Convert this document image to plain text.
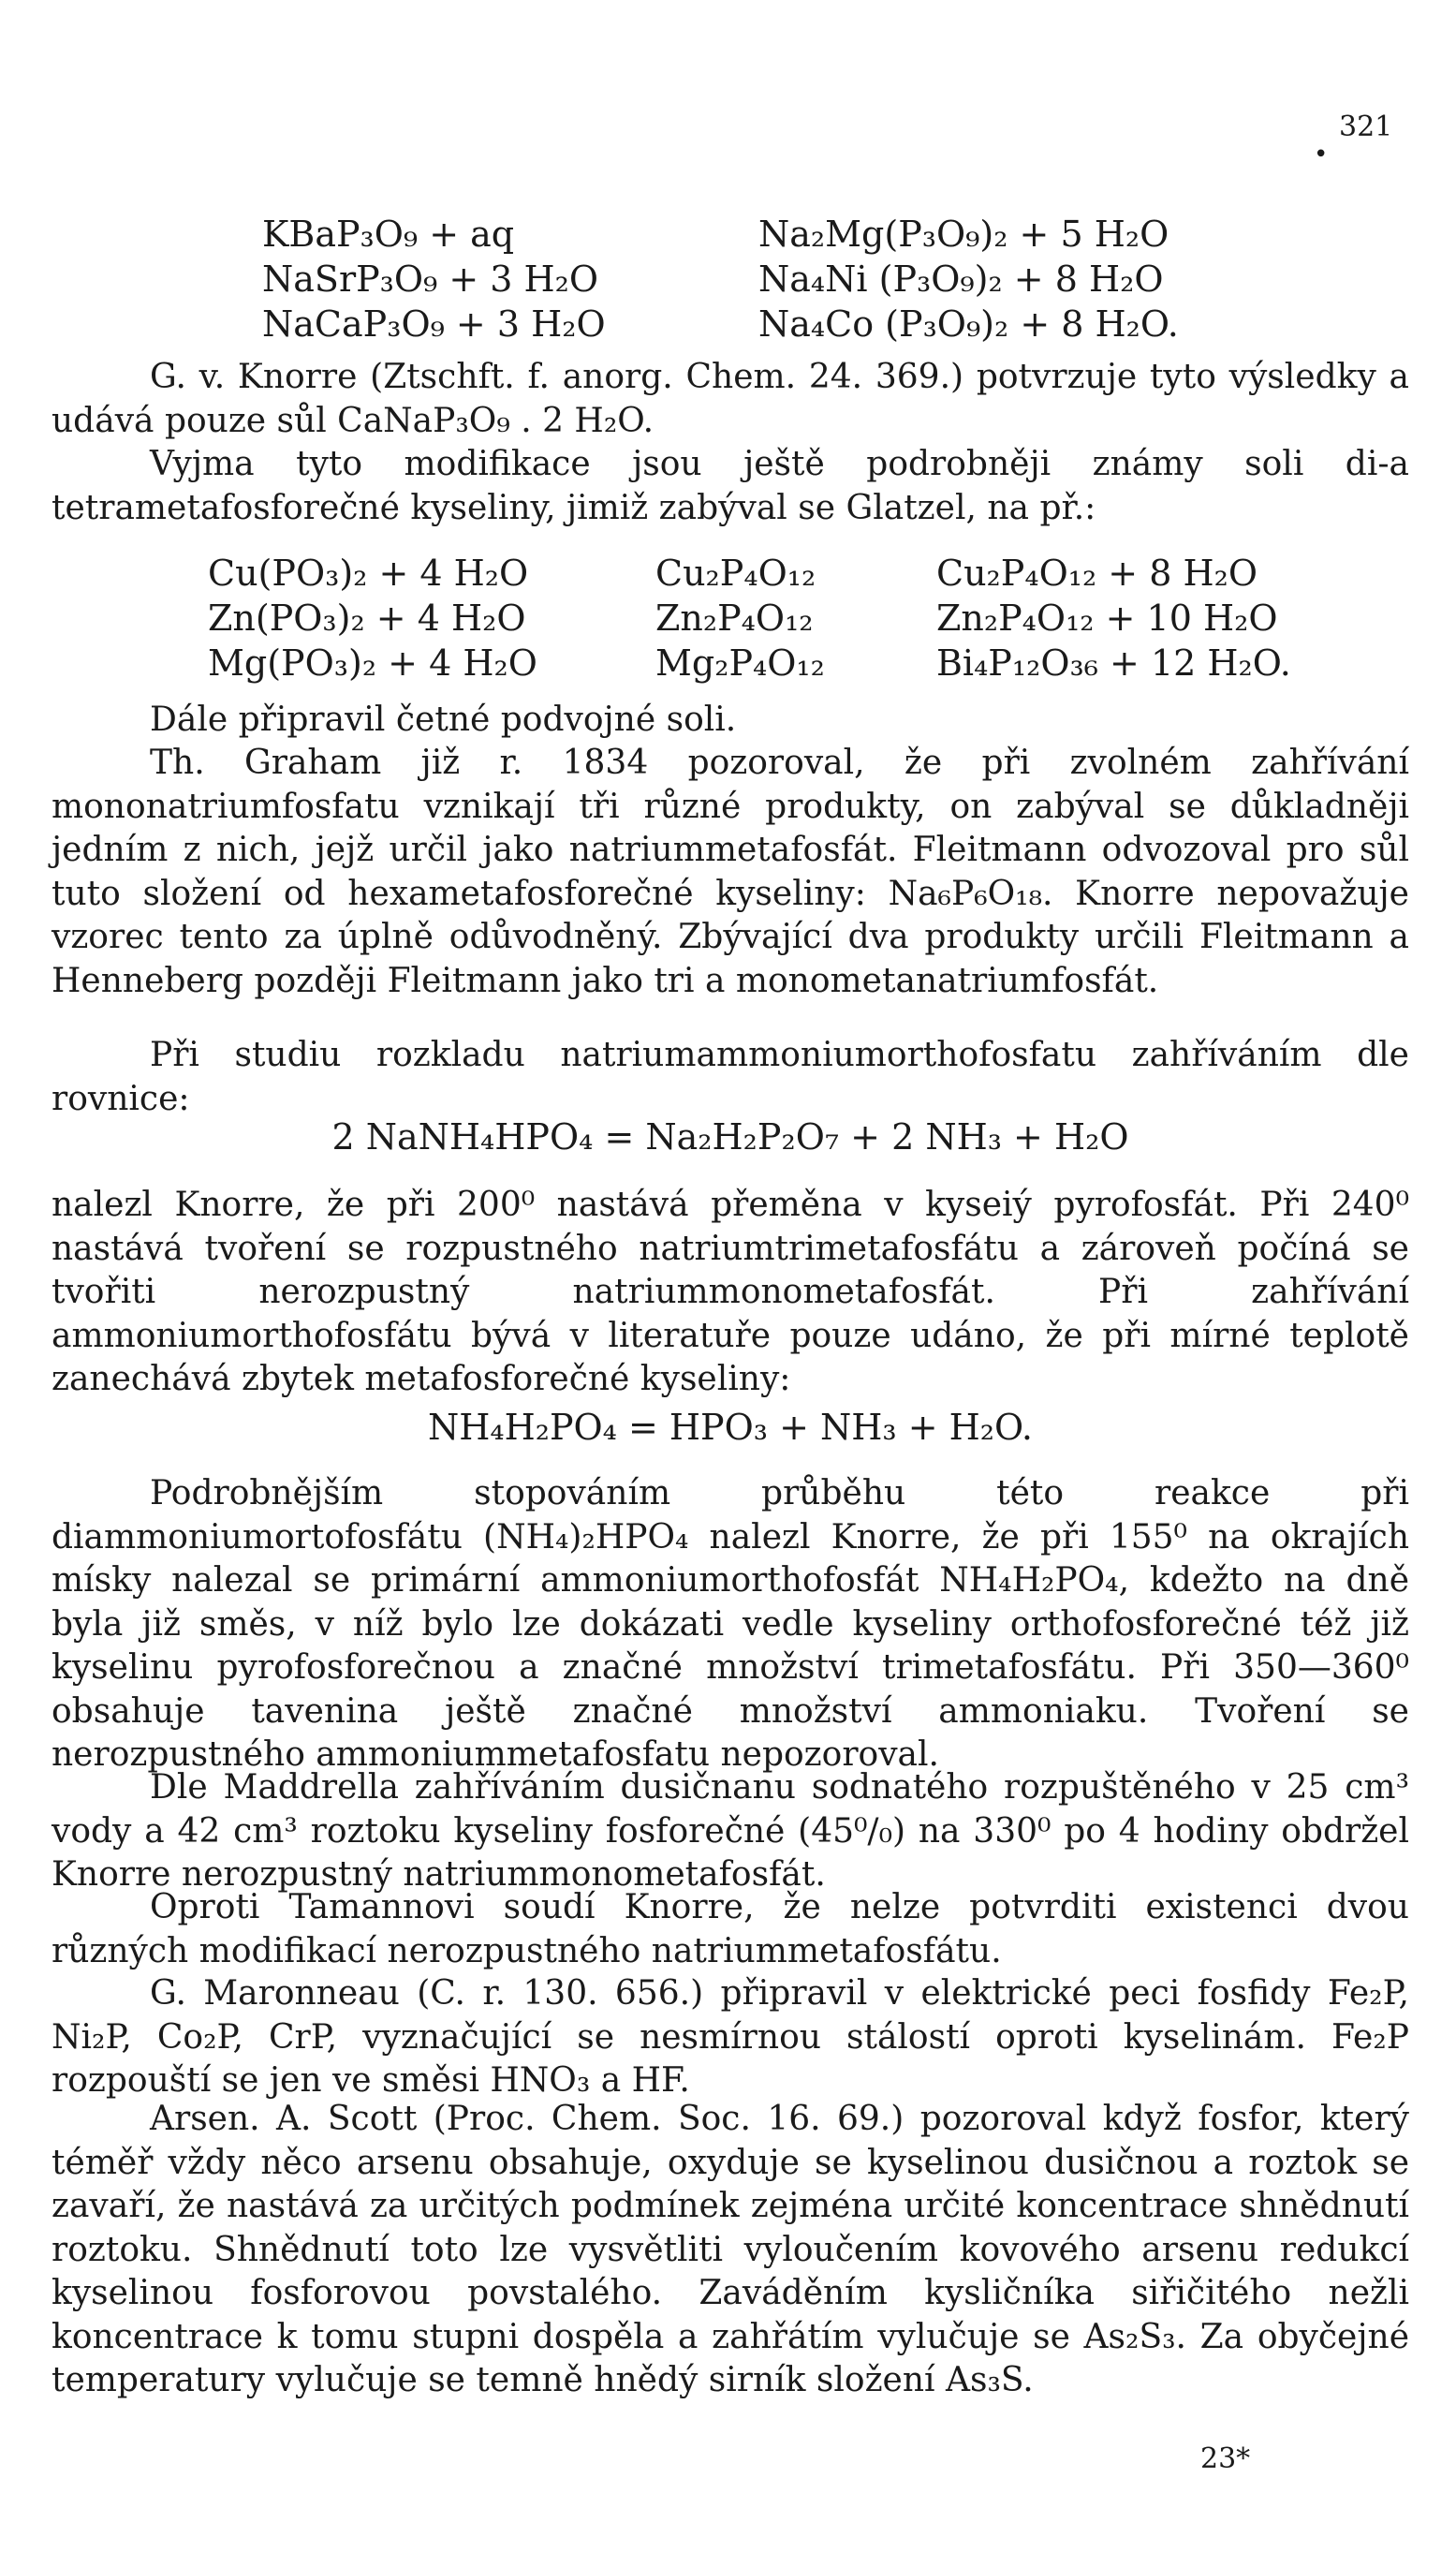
321
•
KBaP₃O₉ + aq
NaSrP₃O₉ + 3 H₂O
NaCaP₃O₉ + 3 H₂O
Na₂Mg(P₃O₉)₂ + 5 H₂O
Na₄Ni (P₃O₉)₂ + 8 H₂O
Na₄Co (P₃O₉)₂ + 8 H₂O.

G. v. Knorre (Ztschft. f. anorg. Chem. 24. 369.) potvrzuje tyto výsledky a udává pouze sůl CaNaP₃O₉ . 2 H₂O.

Vyjma tyto modifikace jsou ještě podrobněji známy soli di-a tetrametafosforečné kyseliny, jimiž zabýval se Glatzel, na př.:

Cu(PO₃)₂ + 4 H₂O
Zn(PO₃)₂ + 4 H₂O
Mg(PO₃)₂ + 4 H₂O
Cu₂P₄O₁₂
Zn₂P₄O₁₂
Mg₂P₄O₁₂
Cu₂P₄O₁₂ + 8 H₂O
Zn₂P₄O₁₂ + 10 H₂O
Bi₄P₁₂O₃₆ + 12 H₂O.

Dále připravil četné podvojné soli.

Th. Graham již r. 1834 pozoroval, že při zvolném zahřívání mononatriumfosfatu vznikají tři různé produkty, on zabýval se důkladněji jedním z nich, jejž určil jako natriummetafosfát. Fleitmann odvozoval pro sůl tuto složení od hexametafosforečné kyseliny: Na₆P₆O₁₈. Knorre nepovažuje vzorec tento za úplně odůvodněný. Zbývající dva produkty určili Fleitmann a Henneberg později Fleitmann jako tri a monometanatriumfosfát.

Při studiu rozkladu natriumammoniumorthofosfatu zahříváním dle rovnice:

2 NaNH₄HPO₄ = Na₂H₂P₂O₇ + 2 NH₃ + H₂O

nalezl Knorre, že při 200⁰ nastává přeměna v kyseiý pyrofosfát. Při 240⁰ nastává tvoření se rozpustného natriumtrimetafosfátu a zároveň počíná se tvořiti nerozpustný natriummonometafosfát. Při zahřívání ammoniumorthofosfátu bývá v literatuře pouze udáno, že při mírné teplotě zanechává zbytek metafosforečné kyseliny:

NH₄H₂PO₄ = HPO₃ + NH₃ + H₂O.

Podrobnějším stopováním průběhu této reakce při diammoniumortofosfátu (NH₄)₂HPO₄ nalezl Knorre, že při 155⁰ na okrajích mísky nalezal se primární ammoniumorthofosfát NH₄H₂PO₄, kdežto na dně byla již směs, v níž bylo lze dokázati vedle kyseliny orthofosforečné též již kyselinu pyrofosforečnou a značné množství trimetafosfátu. Při 350—360⁰ obsahuje tavenina ještě značné množství ammoniaku. Tvoření se nerozpustného ammoniummetafosfatu nepozoroval.

Dle Maddrella zahříváním dusičnanu sodnatého rozpuštěného v 25 cm³ vody a 42 cm³ roztoku kyseliny fosforečné (45⁰/₀) na 330⁰ po 4 hodiny obdržel Knorre nerozpustný natriummonometafosfát.

Oproti Tamannovi soudí Knorre, že nelze potvrditi existenci dvou různých modifikací nerozpustného natriummetafosfátu.

G. Maronneau (C. r. 130. 656.) připravil v elektrické peci fosfidy Fe₂P, Ni₂P, Co₂P, CrP, vyznačující se nesmírnou stálostí oproti kyselinám. Fe₂P rozpouští se jen ve směsi HNO₃ a HF.

Arsen. A. Scott (Proc. Chem. Soc. 16. 69.) pozoroval když fosfor, který téměř vždy něco arsenu obsahuje, oxyduje se kyselinou dusičnou a roztok se zavaří, že nastává za určitých podmínek zejména určité koncentrace shnědnutí roztoku. Shnědnutí toto lze vysvětliti vyloučením kovového arsenu redukcí kyselinou fosforovou povstalého. Zaváděním kysličníka siřičitého nežli koncentrace k tomu stupni dospěla a zahřátím vylučuje se As₂S₃. Za obyčejné temperatury vylučuje se temně hnědý sirník složení As₃S.

23*
